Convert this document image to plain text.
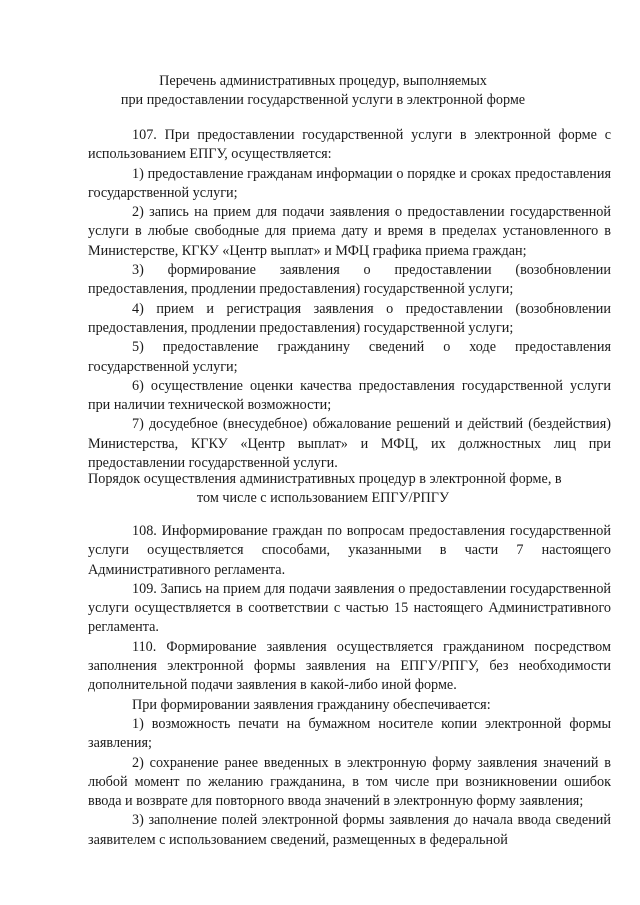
Перечень административных процедур, выполняемых
при предоставлении государственной услуги в электронной форме

107. При предоставлении государственной услуги в электронной форме с использованием ЕПГУ, осуществляется:

1) предоставление гражданам информации о порядке и сроках предоставления государственной услуги;

2) запись на прием для подачи заявления о предоставлении государственной услуги в любые свободные для приема дату и время в пределах установленного в Министерстве, КГКУ «Центр выплат» и МФЦ графика приема граждан;

3) формирование заявления о предоставлении (возобновлении предоставления, продлении предоставления) государственной услуги;

4) прием и регистрация заявления о предоставлении (возобновлении предоставления, продлении предоставления) государственной услуги;

5) предоставление гражданину сведений о ходе предоставления государственной услуги;

6) осуществление оценки качества предоставления государственной услуги при наличии технической возможности;

7) досудебное (внесудебное) обжалование решений и действий (бездействия) Министерства, КГКУ «Центр выплат» и МФЦ, их должностных лиц при предоставлении государственной услуги.

Порядок осуществления административных процедур в электронной форме, в
том числе с использованием ЕПГУ/РПГУ

108. Информирование граждан по вопросам предоставления государственной услуги осуществляется способами, указанными в части 7 настоящего Административного регламента.

109. Запись на прием для подачи заявления о предоставлении государственной услуги осуществляется в соответствии с частью 15 настоящего Административного регламента.

110. Формирование заявления осуществляется гражданином посредством заполнения электронной формы заявления на ЕПГУ/РПГУ, без необходимости дополнительной подачи заявления в какой-либо иной форме.

При формировании заявления гражданину обеспечивается:

1) возможность печати на бумажном носителе копии электронной формы заявления;

2) сохранение ранее введенных в электронную форму заявления значений в любой момент по желанию гражданина, в том числе при возникновении ошибок ввода и возврате для повторного ввода значений в электронную форму заявления;

3) заполнение полей электронной формы заявления до начала ввода сведений заявителем с использованием сведений, размещенных в федеральной
